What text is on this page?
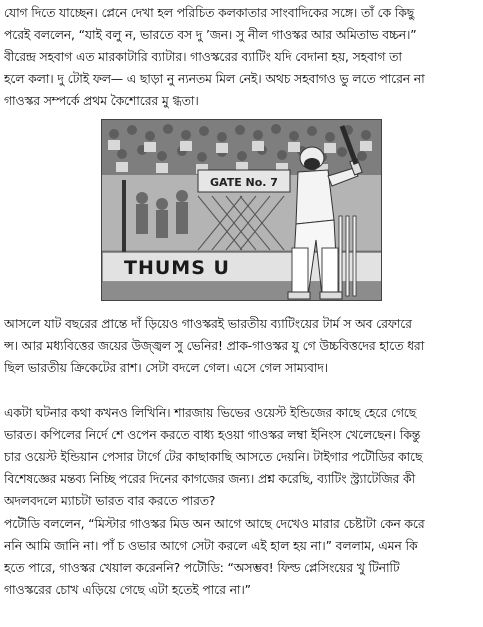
যোগ দিতে যাচ্ছেন। প্লেনে দেখা হল পরিচিত কলকাতার সাংবাদিকের সঙ্গে। তাঁ কে কিছু
পরেই বললেন, “যাই বলু ন, ভারতে বস দু ’জন। সু নীল গাওস্কর আর অমিতাভ বচ্চন।”
বীরেন্দ্র সহবাগ এত মারকাটারি ব্যাটার। গাওস্করের ব্যাটিং যদি বেদানা হয়, সহবাগ তা
হলে কলা। দু টোই ফল— এ ছাড়া নু ন্যনতম মিল নেই। অথচ সহবাগও ভু লতে পারেন না
গাওস্কর সম্পর্কে প্রথম কৈশোরের মু গ্ধতা।
GATE No. 7
THUMS U
আসলে যাট বছরের প্রান্তে দাঁ ড়িয়েও গাওস্করই ভারতীয় ব্যাটিংয়ের টার্ম স অব রেফারে
ন্স। আর মধ্যবিত্তের জয়ের উজ্জ্বল সু ভেনির! প্রাক-গাওস্কর যু গে উচ্চবিত্তদের হাতে ধরা
ছিল ভারতীয় ক্রিকেটের রাশ। সেটা বদলে গেল। এসে গেল সাম্যবাদ।
একটা ঘটনার কথা কখনও লিখিনি। শারজায় ভিভের ওয়েস্ট ইন্ডিজের কাছে হেরে গেছে
ভারত। কপিলের নির্দে শে ওপেন করতে বাধ্য হওয়া গাওস্কর লম্বা ইনিংস খেলেছেন। কিন্তু
চার ওয়েস্ট ইন্ডিয়ান পেসার টার্গে টের কাছাকাছি আসতে দেয়নি। টাইগার পটৌডির কাছে
বিশেষজ্ঞের মন্তব্য নিচ্ছি পরের দিনের কাগজের জন্য। প্রশ্ন করেছি, ব্যাটিং স্ট্র্যাটেজির কী
অদলবদলে ম্যাচটা ভারত বার করতে পারত?
পটৌডি বললেন, “মিস্টার গাওস্কর মিড অন আগে আছে দেখেও মারার চেষ্টাটা কেন করে
ননি আমি জানি না। পাঁ চ ওভার আগে সেটা করলে এই হাল হয় না।” বললাম, এমন কি
হতে পারে, গাওস্কর খেয়াল করেননি? পটৌডি: “অসম্ভব! ফিল্ড প্লেসিংয়ের খু টিনাটি
গাওস্করের চোখ এড়িয়ে গেছে এটা হতেই পারে না।”
